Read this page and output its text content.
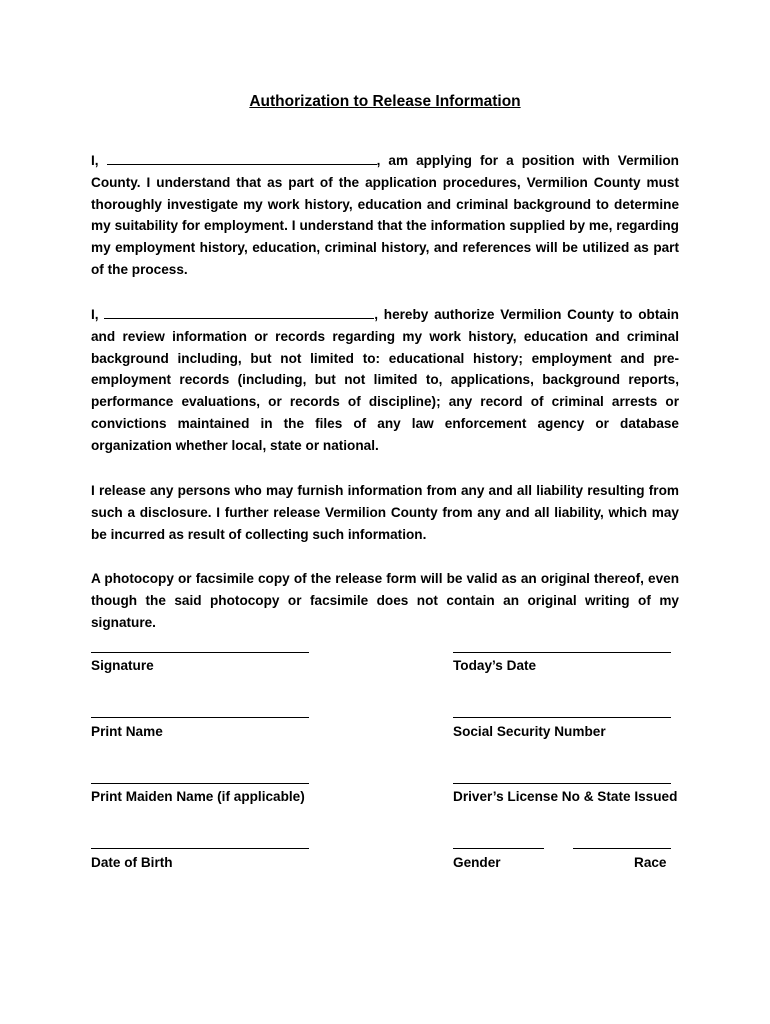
Authorization to Release Information

I,	, am applying for a position with Vermilion County. I understand that as part of the application procedures, Vermilion County must thoroughly investigate my work history, education and criminal background to determine my suitability for employment. I understand that the information supplied by me, regarding my employment history, education, criminal history, and references will be utilized as part of the process.

I,	, hereby authorize Vermilion County to obtain and review information or records regarding my work history, education and criminal background including, but not limited to: educational history; employment and pre-employment records (including, but not limited to, applications, background reports, performance evaluations, or records of discipline); any record of criminal arrests or convictions maintained in the files of any law enforcement agency or database organization whether local, state or national.

I release any persons who may furnish information from any and all liability resulting from such a disclosure. I further release Vermilion County from any and all liability, which may be incurred as result of collecting such information.

A photocopy or facsimile copy of the release form will be valid as an original thereof, even though the said photocopy or facsimile does not contain an original writing of my signature.

Signature	Today’s Date
Print Name	Social Security Number
Print Maiden Name (if applicable)	Driver’s License No & State Issued
Date of Birth	Gender	Race
